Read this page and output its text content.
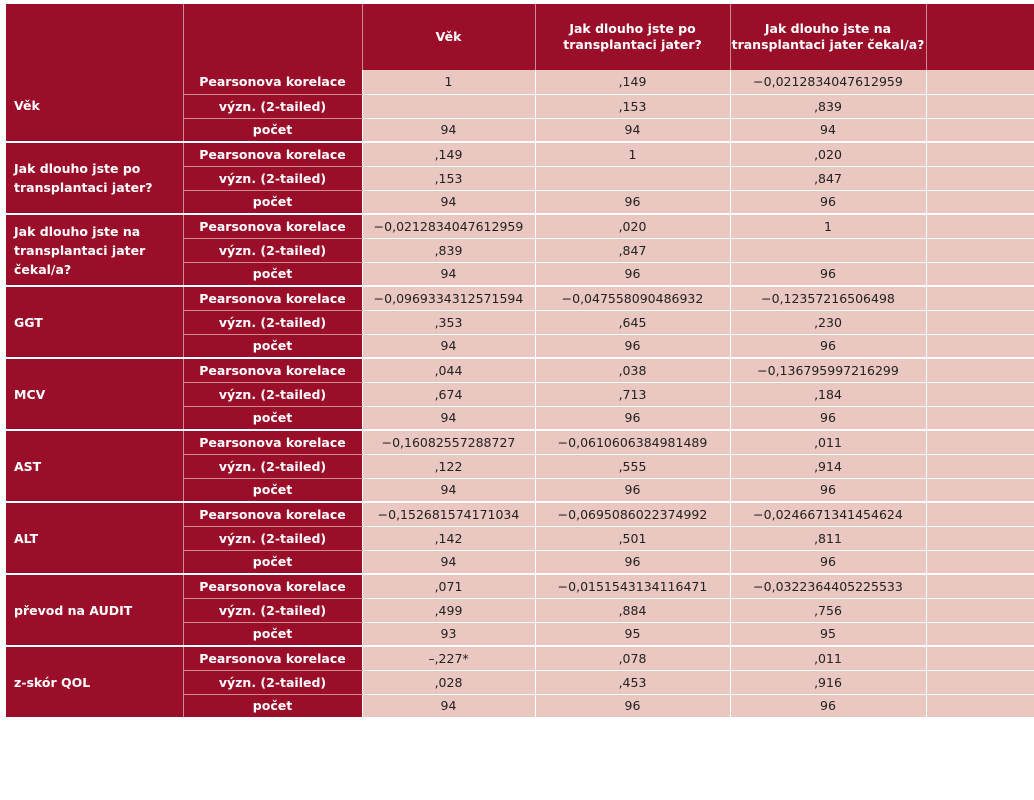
		Věk	Jak dlouho jste po transplantaci jater?	Jak dlouho jste na transplantaci jater čekal/a?	
Věk	Pearsonova korelace	1	,149	−0,0212834047612959	
	význ. (2-tailed)		,153	,839	
	počet	94	94	94	
Jak dlouho jste po transplantaci jater?	Pearsonova korelace	,149	1	,020	
	význ. (2-tailed)	,153		,847	
	počet	94	96	96	
Jak dlouho jste na transplantaci jater čekal/a?	Pearsonova korelace	−0,0212834047612959	,020	1	
	význ. (2-tailed)	,839	,847		
	počet	94	96	96	
GGT	Pearsonova korelace	−0,0969334312571594	−0,047558090486932	−0,12357216506498	
	význ. (2-tailed)	,353	,645	,230	
	počet	94	96	96	
MCV	Pearsonova korelace	,044	,038	−0,136795997216299	
	význ. (2-tailed)	,674	,713	,184	
	počet	94	96	96	
AST	Pearsonova korelace	−0,16082557288727	−0,0610606384981489	,011	
	význ. (2-tailed)	,122	,555	,914	
	počet	94	96	96	
ALT	Pearsonova korelace	−0,152681574171034	−0,0695086022374992	−0,0246671341454624	
	význ. (2-tailed)	,142	,501	,811	
	počet	94	96	96	
převod na AUDIT	Pearsonova korelace	,071	−0,0151543134116471	−0,0322364405225533	
	význ. (2-tailed)	,499	,884	,756	
	počet	93	95	95	
z-skór QOL	Pearsonova korelace	–,227*	,078	,011	
	význ. (2-tailed)	,028	,453	,916	
	počet	94	96	96	
